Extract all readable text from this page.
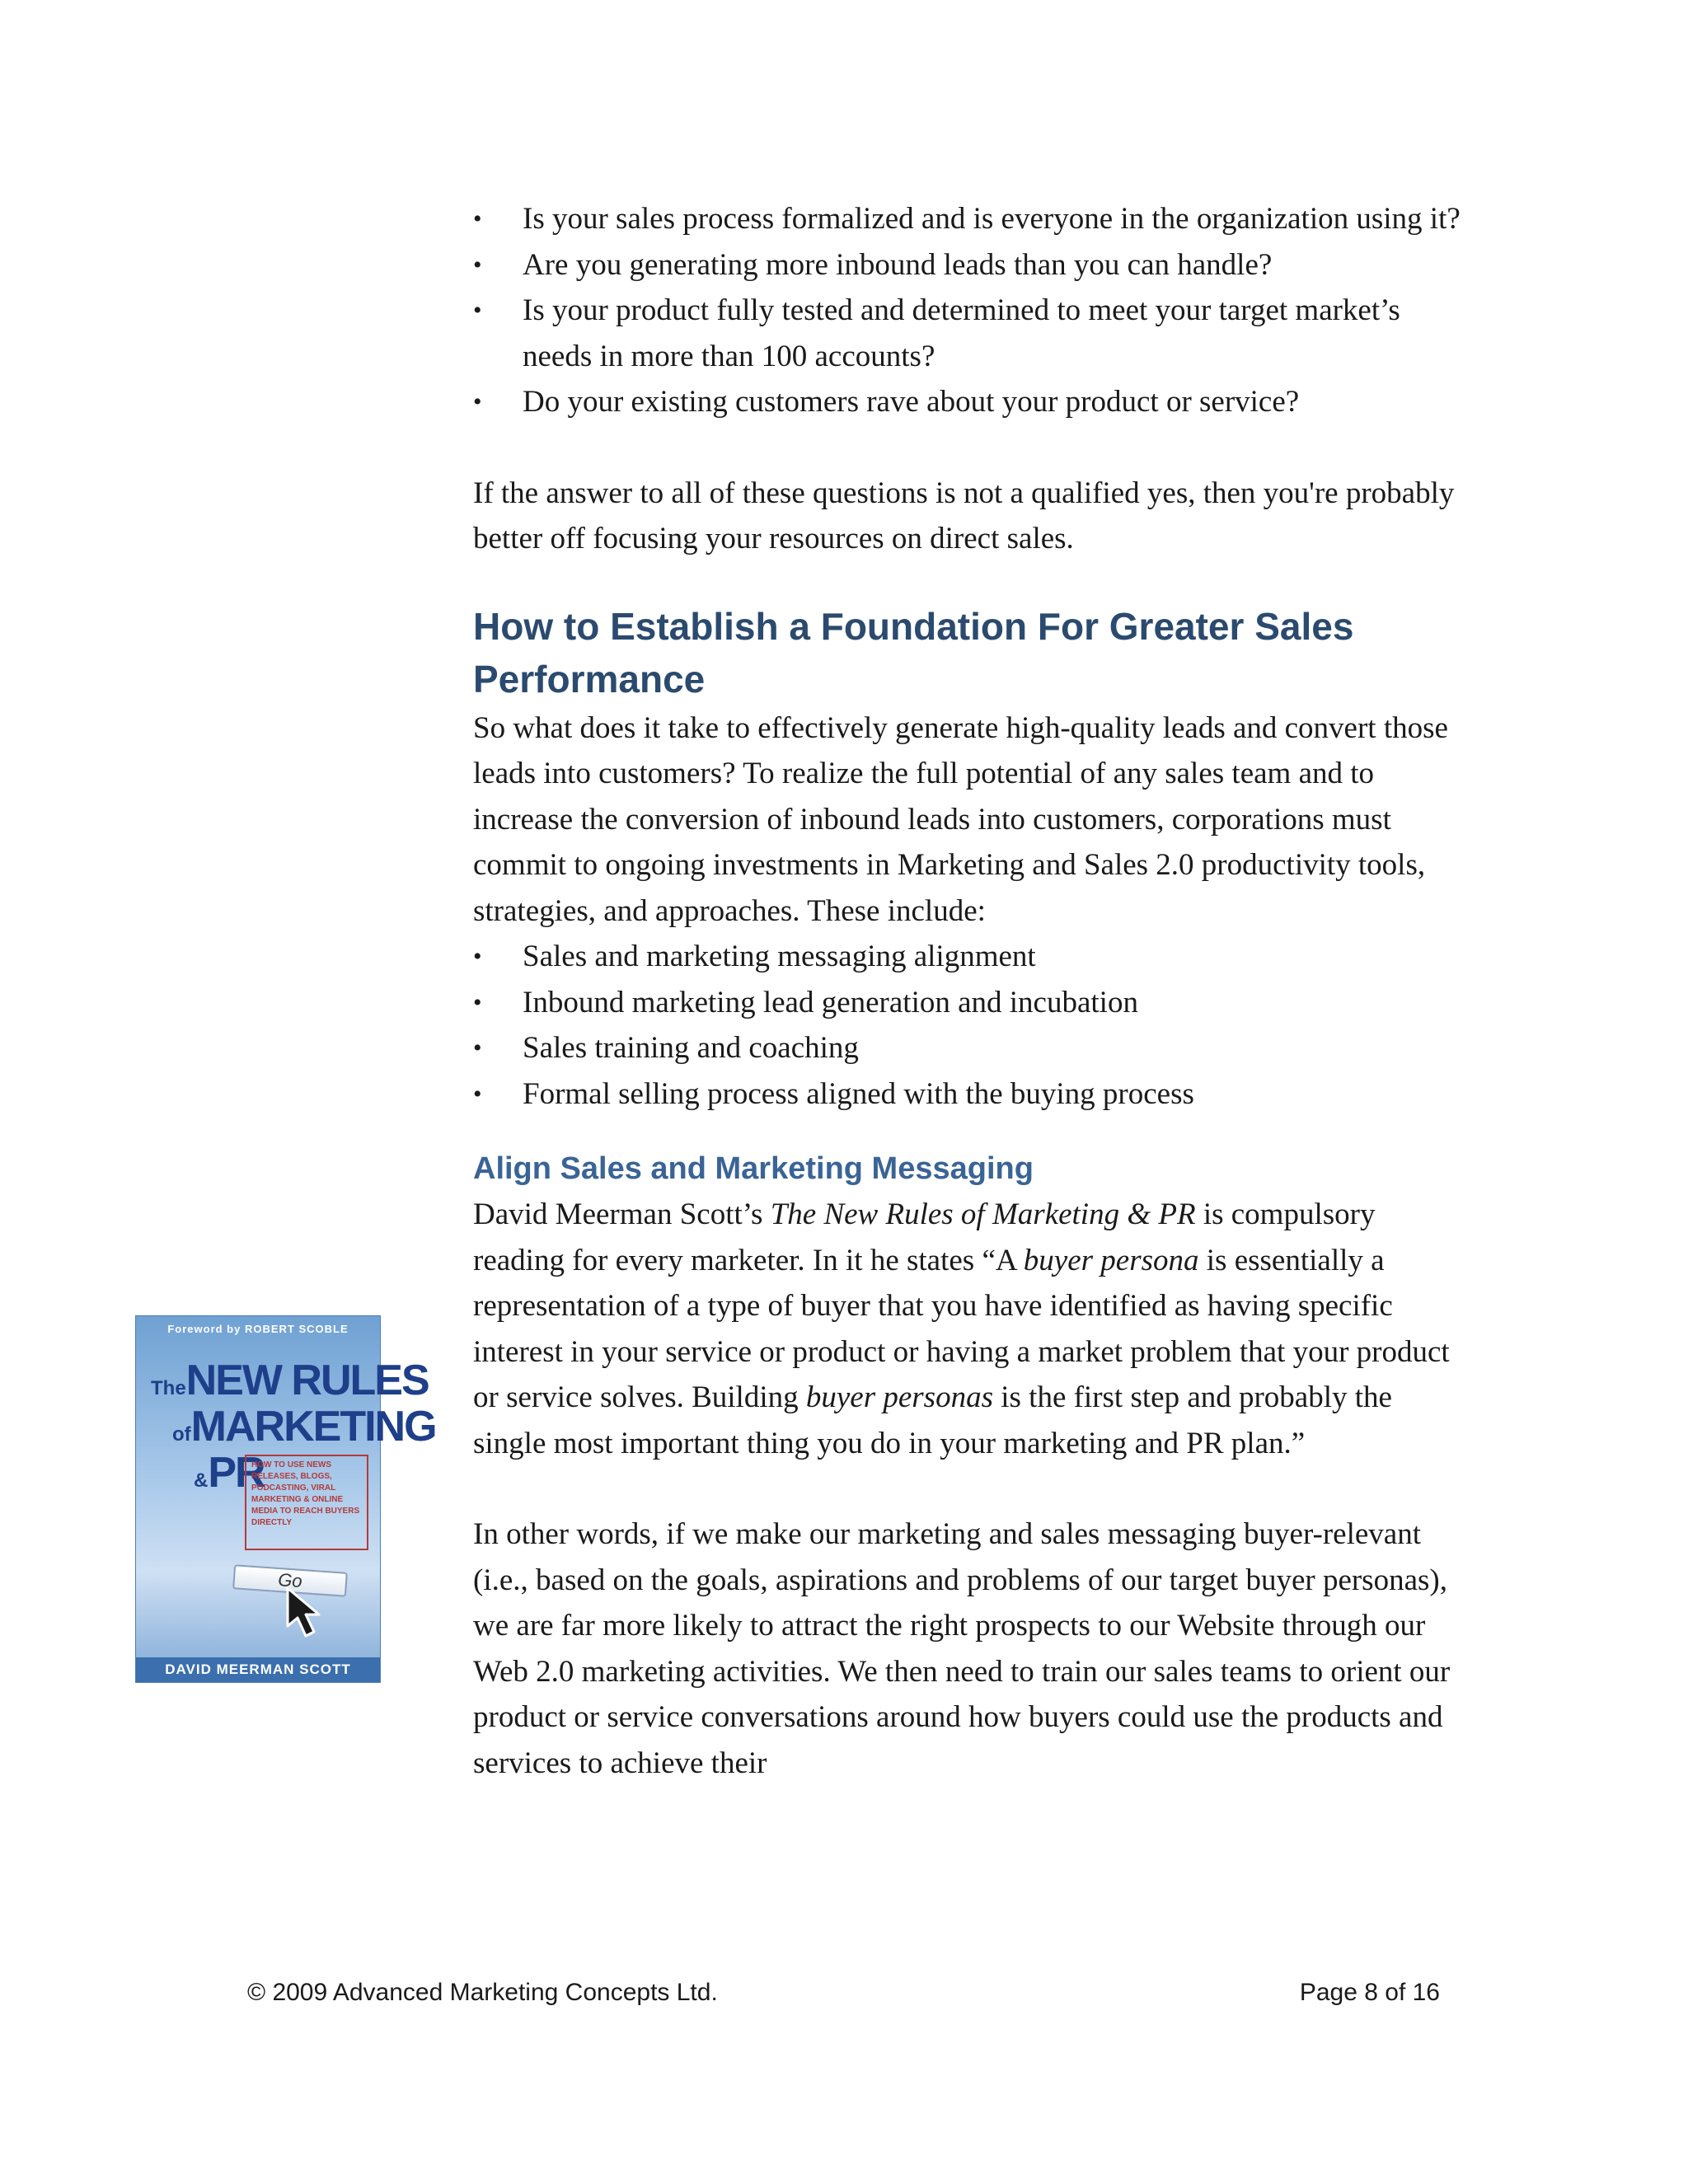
•	Is your sales process formalized and is everyone in the organization using it?
•	Are you generating more inbound leads than you can handle?
•	Is your product fully tested and determined to meet your target market’s needs in more than 100 accounts?
•	Do your existing customers rave about your product or service?

If the answer to all of these questions is not a qualified yes, then you're probably better off focusing your resources on direct sales.

How to Establish a Foundation For Greater Sales Performance

So what does it take to effectively generate high-quality leads and convert those leads into customers? To realize the full potential of any sales team and to increase the conversion of inbound leads into customers, corporations must commit to ongoing investments in Marketing and Sales 2.0 productivity tools, strategies, and approaches. These include:

•	Sales and marketing messaging alignment
•	Inbound marketing lead generation and incubation
•	Sales training and coaching
•	Formal selling process aligned with the buying process
Align Sales and Marketing Messaging

David Meerman Scott’s The New Rules of Marketing & PR is compulsory reading for every marketer. In it he states “A buyer persona is essentially a representation of a type of buyer that you have identified as having specific interest in your service or product or having a market problem that your product or service solves. Building buyer personas is the first step and probably the single most important thing you do in your marketing and PR plan.”

In other words, if we make our marketing and sales messaging buyer-relevant (i.e., based on the goals, aspirations and problems of our target buyer personas), we are far more likely to attract the right prospects to our Website through our Web 2.0 marketing activities. We then need to train our sales teams to orient our product or service conversations around how buyers could use the products and services to achieve their

Foreword by ROBERT SCOBLE
TheNEW RULES
ofMARKETING
&PR
HOW TO USE NEWS RELEASES, BLOGS, PODCASTING, VIRAL MARKETING & ONLINE MEDIA TO REACH BUYERS DIRECTLY
Go
DAVID MEERMAN SCOTT
© 2009 Advanced Marketing Concepts Ltd.	Page 8 of 16
